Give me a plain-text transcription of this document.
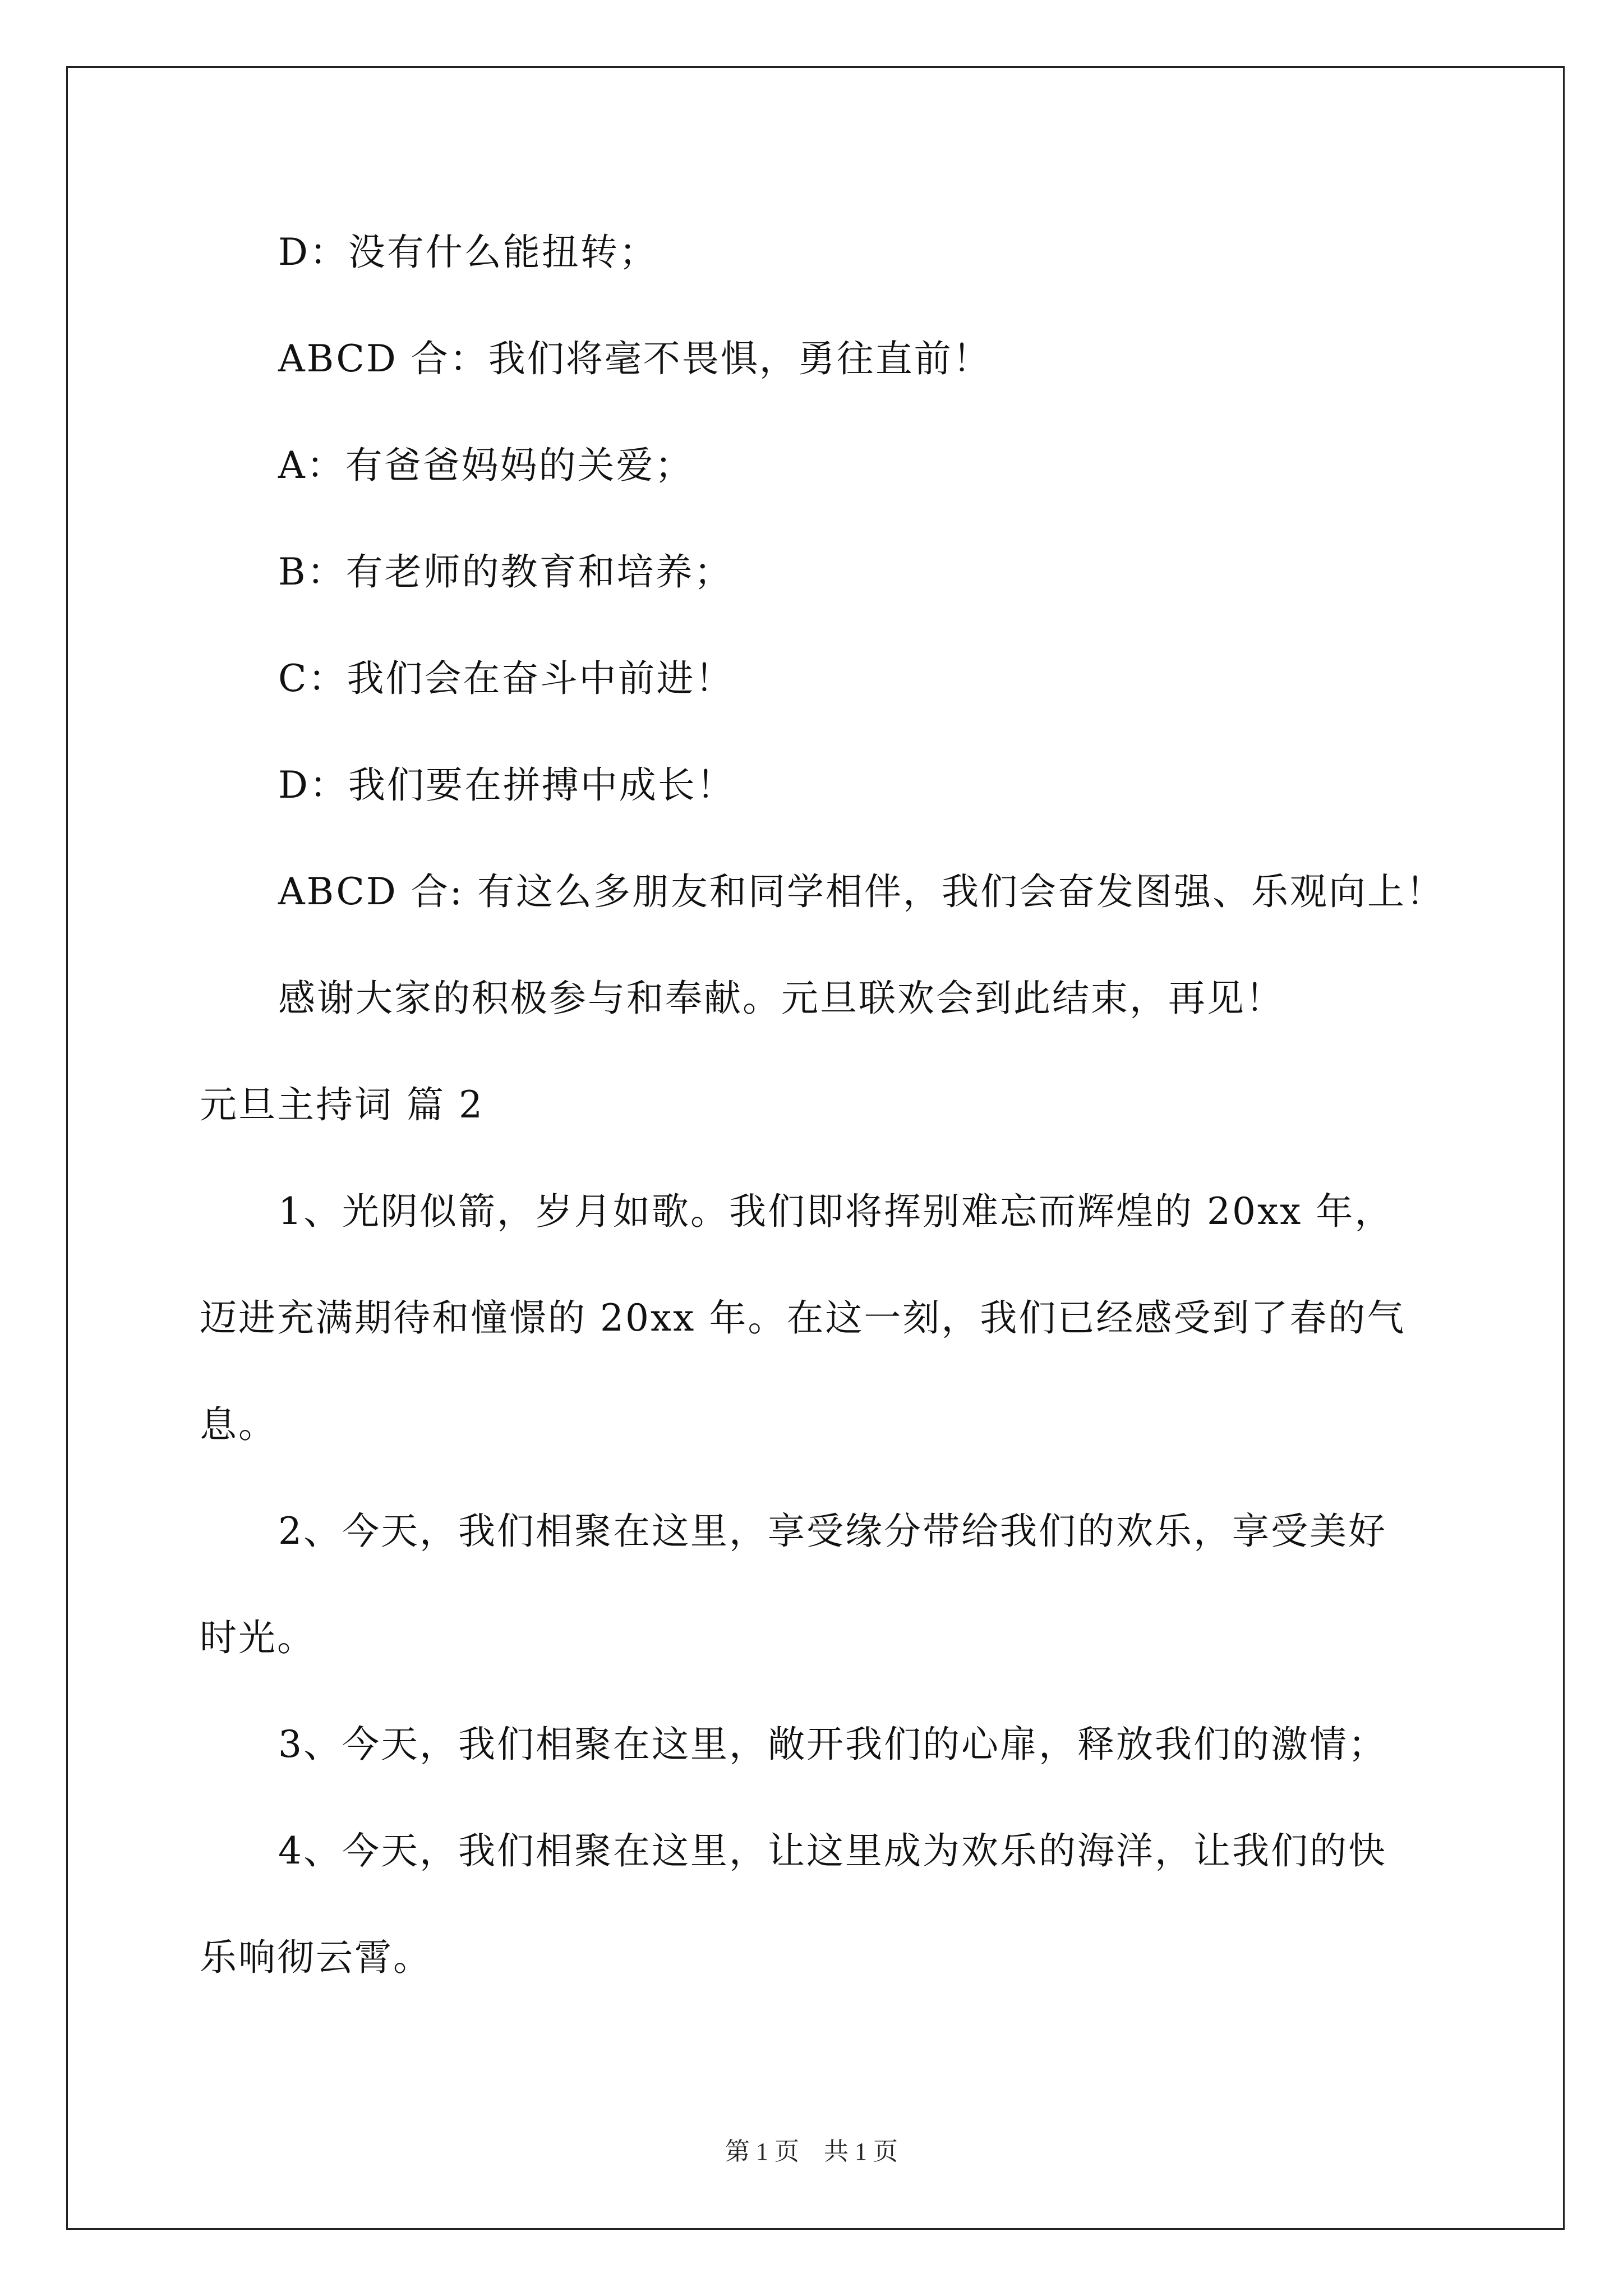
D：没有什么能扭转；
ABCD 合：我们将毫不畏惧，勇往直前！
A：有爸爸妈妈的关爱；
B：有老师的教育和培养；
C：我们会在奋斗中前进！
D：我们要在拼搏中成长！
ABCD 合: 有这么多朋友和同学相伴，我们会奋发图强、乐观向上！
感谢大家的积极参与和奉献。元旦联欢会到此结束，再见！
元旦主持词 篇 2
1、光阴似箭，岁月如歌。我们即将挥别难忘而辉煌的 20xx 年，
迈进充满期待和憧憬的 20xx 年。在这一刻，我们已经感受到了春的气
息。
2、今天，我们相聚在这里，享受缘分带给我们的欢乐，享受美好
时光。
3、今天，我们相聚在这里，敞开我们的心扉，释放我们的激情；
4、今天，我们相聚在这里，让这里成为欢乐的海洋，让我们的快
乐响彻云霄。
第 1 页　共 1 页
